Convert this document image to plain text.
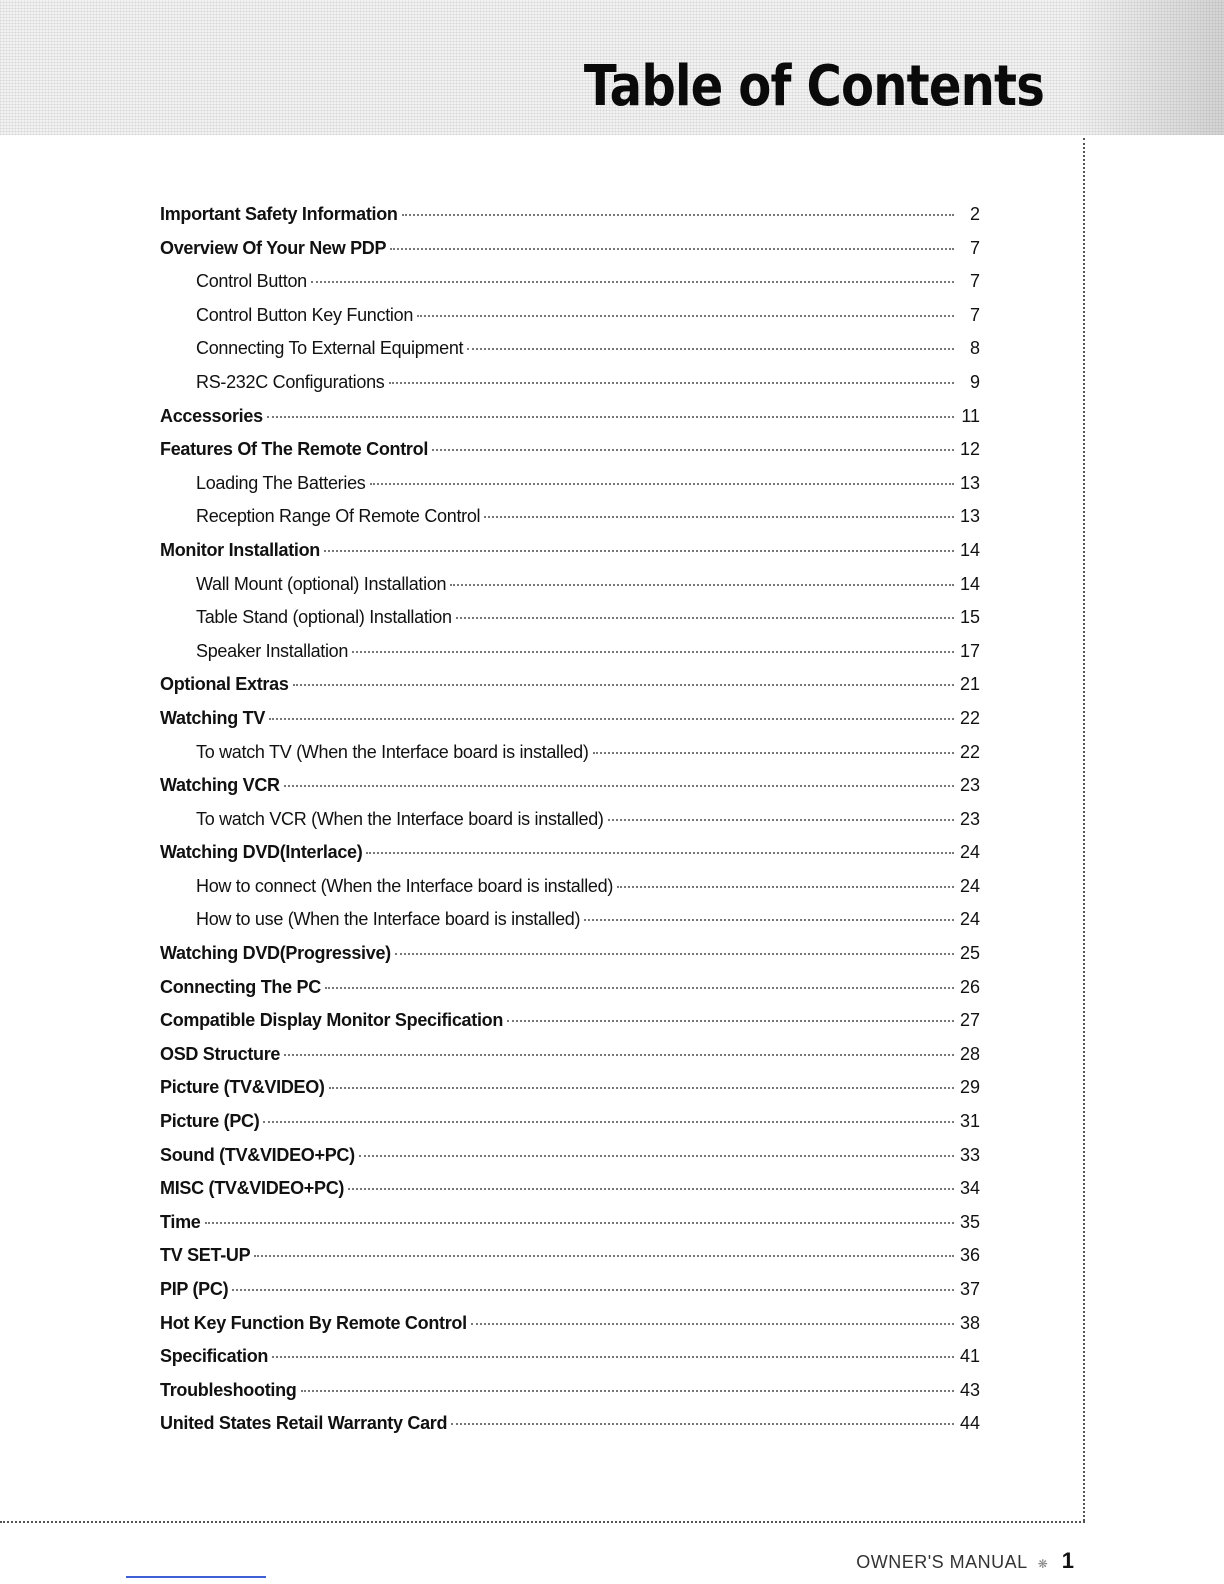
Table of Contents
Important Safety Information	2
Overview Of Your New PDP	7
Control Button	7
Control Button Key Function	7
Connecting To External Equipment	8
RS-232C Configurations	9
Accessories	11
Features Of The Remote Control	12
Loading The Batteries	13
Reception Range Of Remote Control	13
Monitor Installation	14
Wall Mount (optional) Installation	14
Table Stand (optional) Installation	15
Speaker Installation	17
Optional Extras	21
Watching TV	22
To watch TV (When the Interface board is installed)	22
Watching VCR	23
To watch VCR (When the Interface board is installed)	23
Watching DVD(Interlace)	24
How to connect (When the Interface board is installed)	24
How to use (When the Interface board is installed)	24
Watching DVD(Progressive)	25
Connecting The PC	26
Compatible Display Monitor Specification	27
OSD Structure	28
Picture (TV&VIDEO)	29
Picture (PC)	31
Sound (TV&VIDEO+PC)	33
MISC (TV&VIDEO+PC)	34
Time	35
TV SET-UP	36
PIP (PC)	37
Hot Key Function By Remote Control	38
Specification	41
Troubleshooting	43
United States Retail Warranty Card	44
OWNER'S MANUAL ❋ 1
